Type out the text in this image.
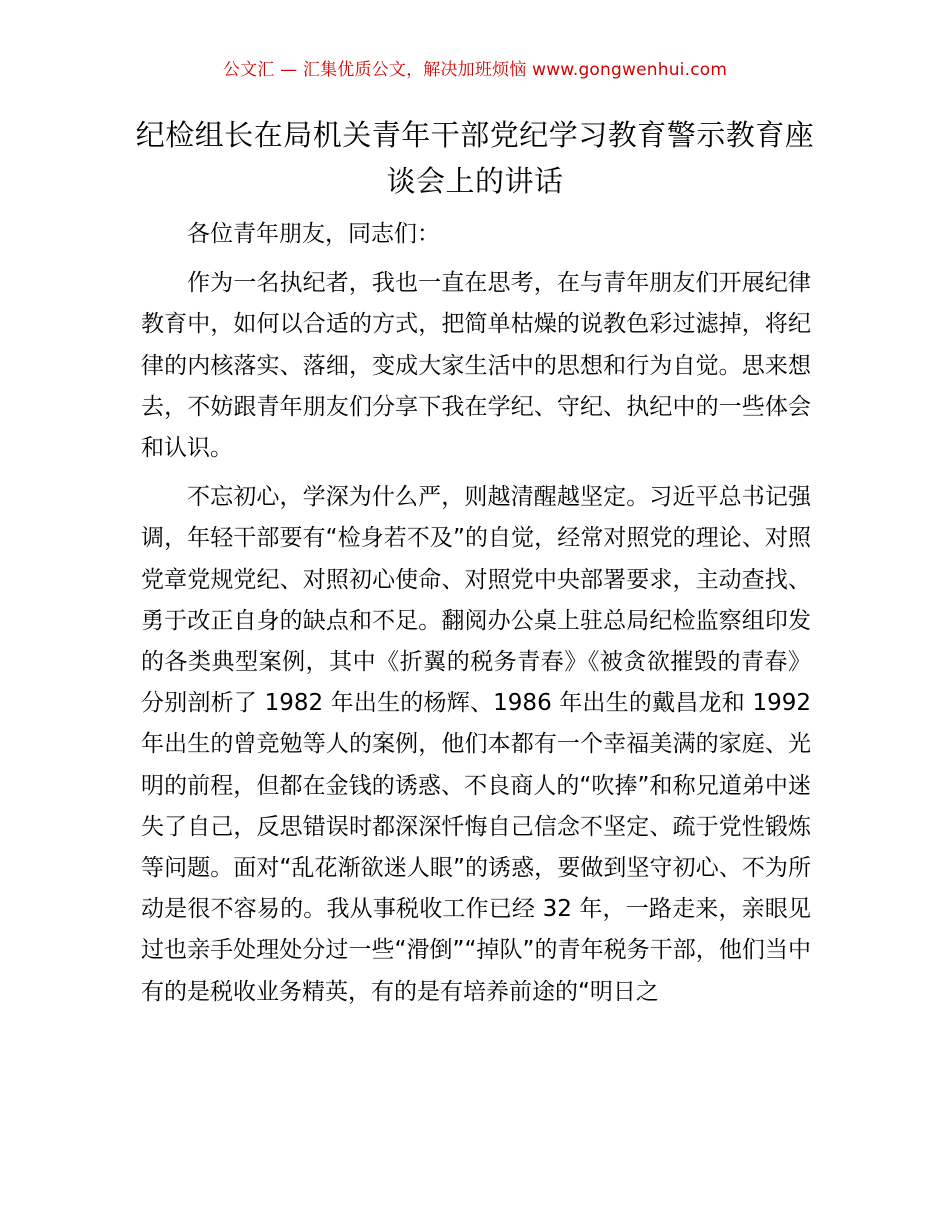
公文汇 — 汇集优质公文，解决加班烦恼 www.gongwenhui.com
纪检组长在局机关青年干部党纪学习教育警示教育座谈会上的讲话

各位青年朋友，同志们：

作为一名执纪者，我也一直在思考，在与青年朋友们开展纪律教育中，如何以合适的方式，把简单枯燥的说教色彩过滤掉，将纪律的内核落实、落细，变成大家生活中的思想和行为自觉。思来想去，不妨跟青年朋友们分享下我在学纪、守纪、执纪中的一些体会和认识。

不忘初心，学深为什么严，则越清醒越坚定。习近平总书记强调，年轻干部要有“检身若不及”的自觉，经常对照党的理论、对照党章党规党纪、对照初心使命、对照党中央部署要求，主动查找、勇于改正自身的缺点和不足。翻阅办公桌上驻总局纪检监察组印发的各类典型案例，其中《折翼的税务青春》《被贪欲摧毁的青春》分别剖析了 1982 年出生的杨辉、1986 年出生的戴昌龙和 1992 年出生的曾竞勉等人的案例，他们本都有一个幸福美满的家庭、光明的前程，但都在金钱的诱惑、不良商人的“吹捧”和称兄道弟中迷失了自己，反思错误时都深深忏悔自己信念不坚定、疏于党性锻炼等问题。面对“乱花渐欲迷人眼”的诱惑，要做到坚守初心、不为所动是很不容易的。我从事税收工作已经 32 年，一路走来，亲眼见过也亲手处理处分过一些“滑倒”“掉队”的青年税务干部，他们当中有的是税收业务精英，有的是有培养前途的“明日之
